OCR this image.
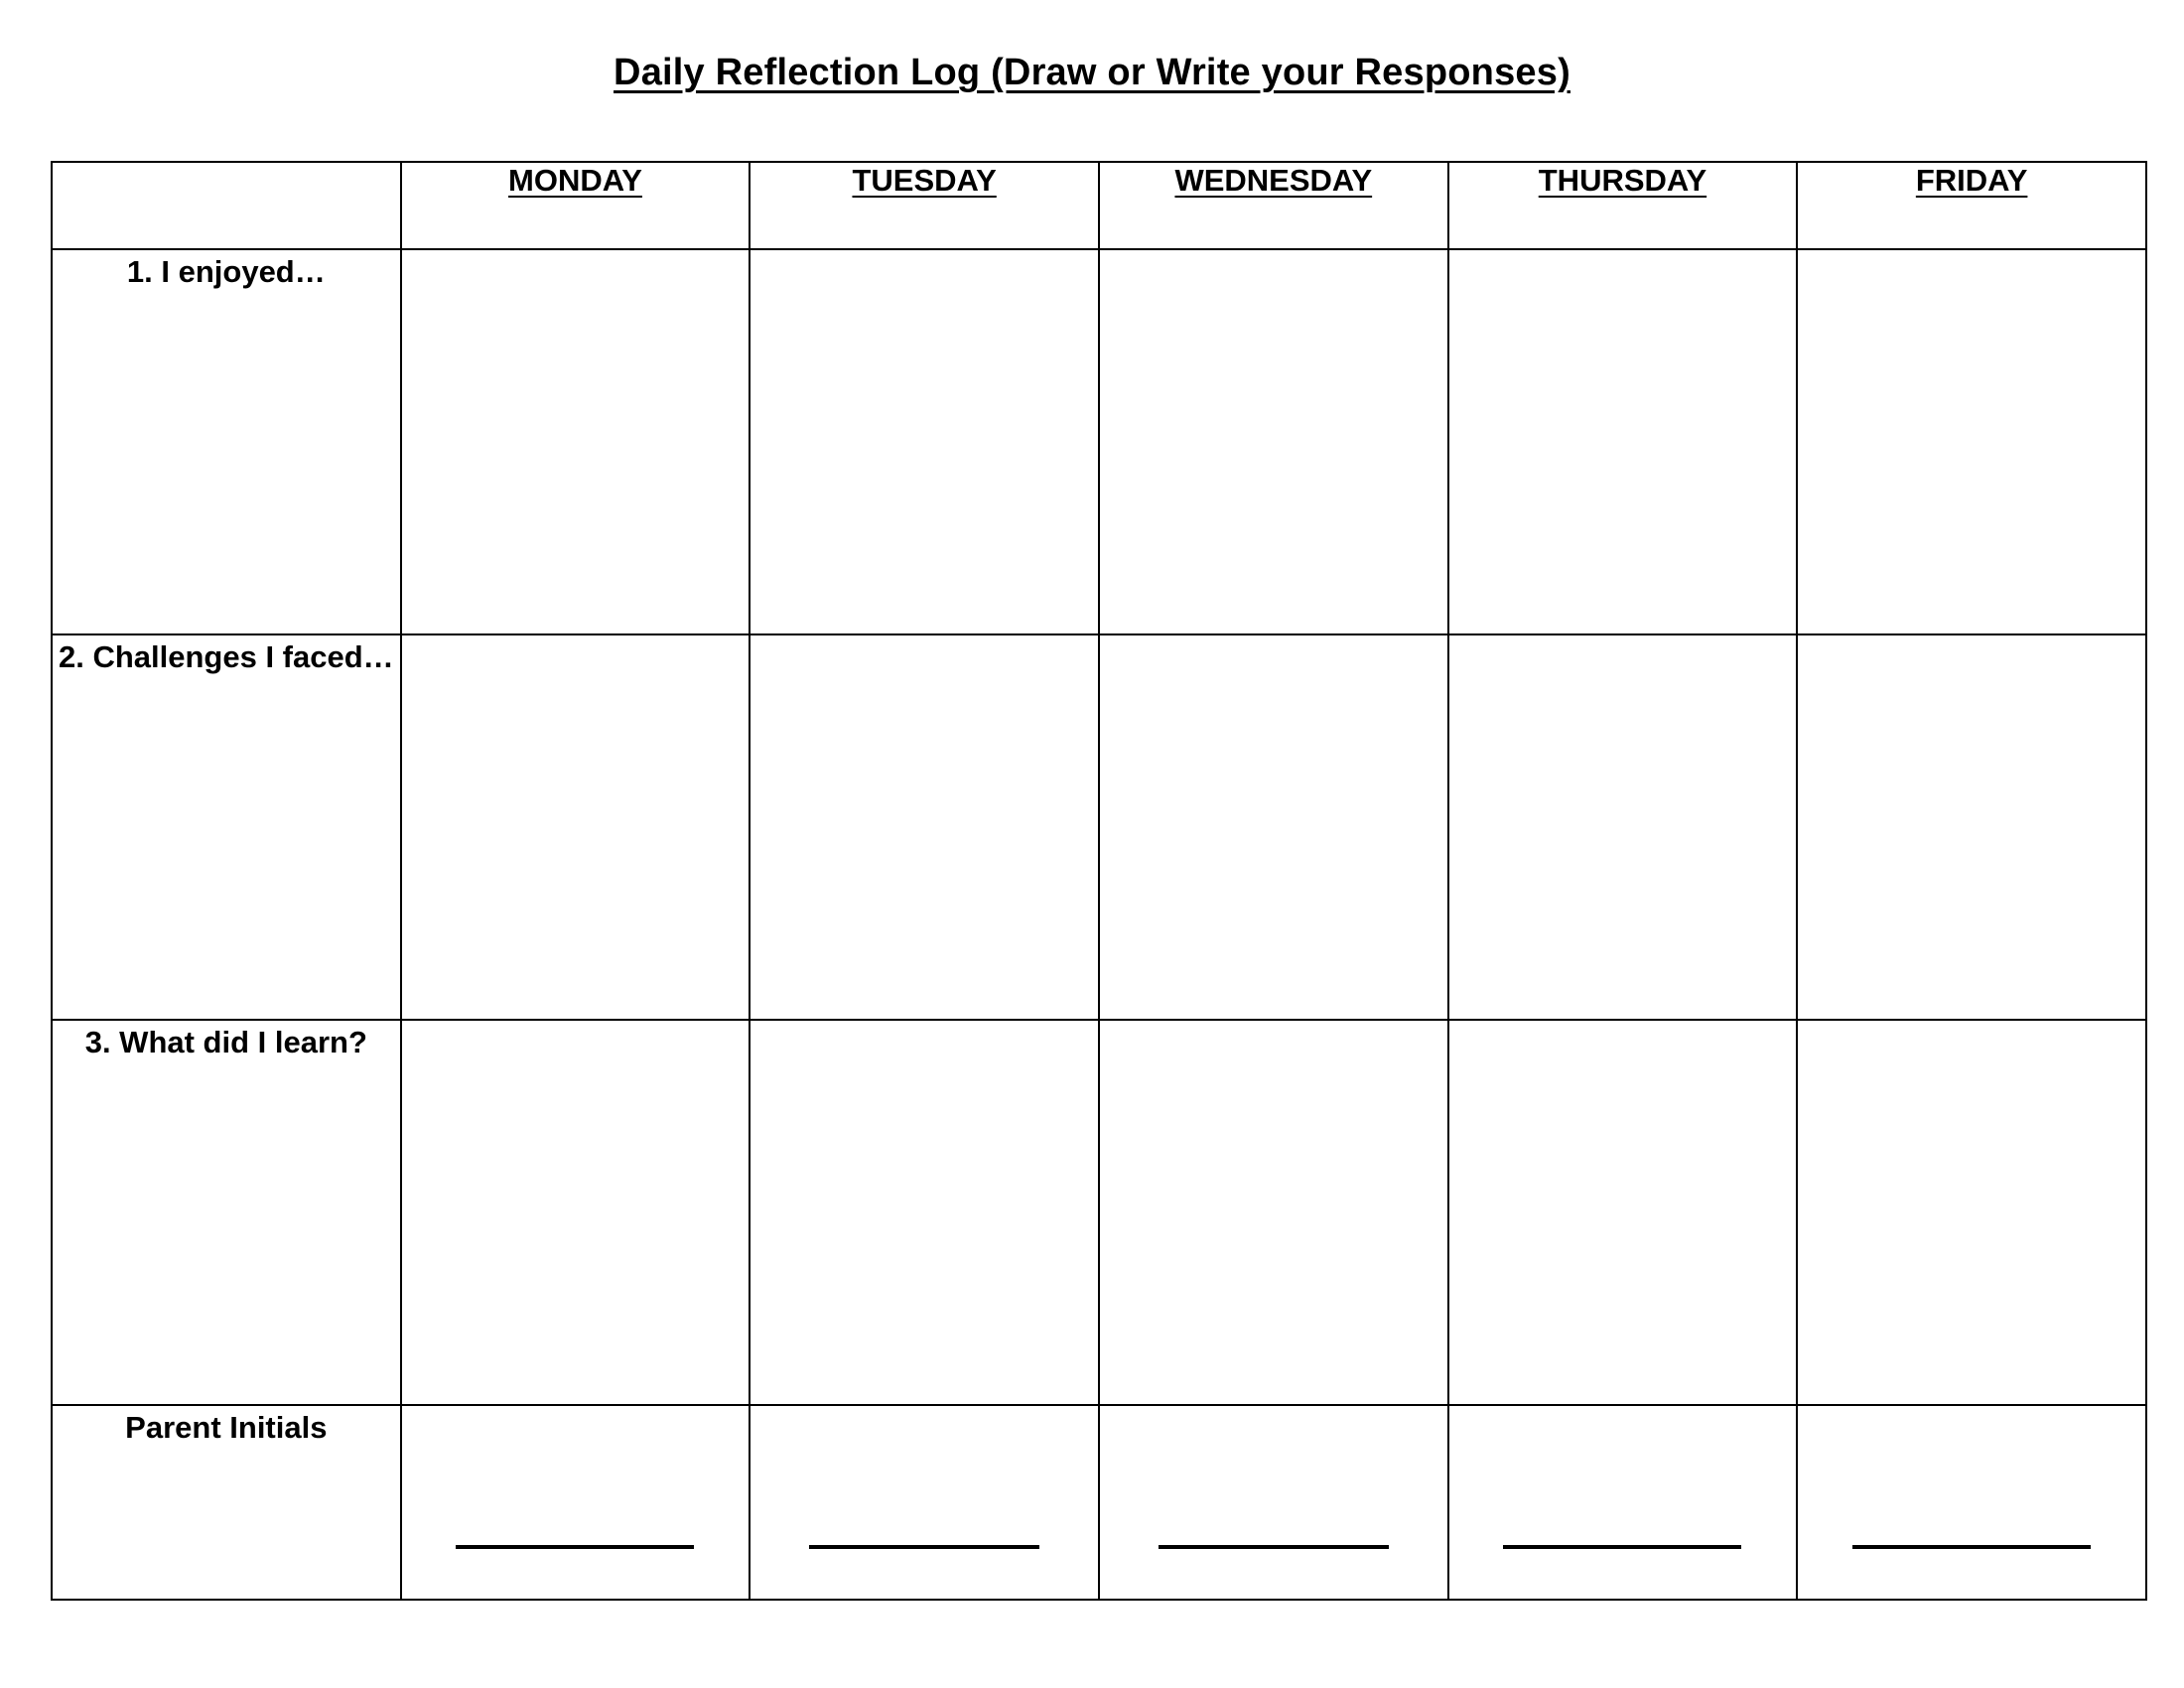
Daily Reflection Log (Draw or Write your Responses)
	MONDAY	TUESDAY	WEDNESDAY	THURSDAY	FRIDAY
1. I enjoyed…					
2. Challenges I faced…					
3. What did I learn?					
Parent Initials	
